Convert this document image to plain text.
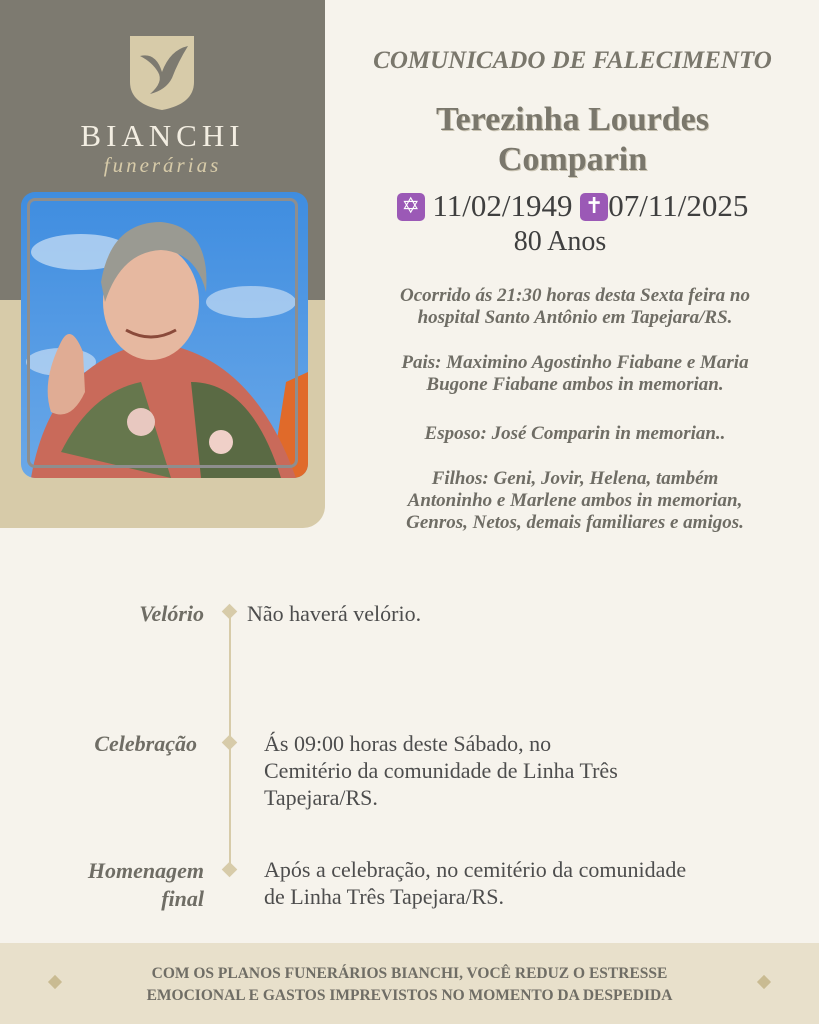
BIANCHI
funerárias
COMUNICADO DE FALECIMENTO
Terezinha Lourdes
Comparin
✡ 11/02/1949 ✝ 07/11/2025
80 Anos
Ocorrido ás 21:30 horas desta Sexta feira no
hospital Santo Antônio em Tapejara/RS.
Pais: Maximino Agostinho Fiabane e Maria
Bugone Fiabane ambos in memorian.
Esposo: José Comparin in memorian..
Filhos: Geni, Jovir, Helena, também
Antoninho e Marlene ambos in memorian,
Genros, Netos, demais familiares e amigos.
Velório Não haverá velório.
Celebração	Ás 09:00 horas deste Sábado, no
Cemitério da comunidade de Linha Três
Tapejara/RS.
Homenagem
final
Após a celebração, no cemitério da comunidade
de Linha Três Tapejara/RS.
COM OS PLANOS FUNERÁRIOS BIANCHI, VOCÊ REDUZ O ESTRESSE
EMOCIONAL E GASTOS IMPREVISTOS NO MOMENTO DA DESPEDIDA
